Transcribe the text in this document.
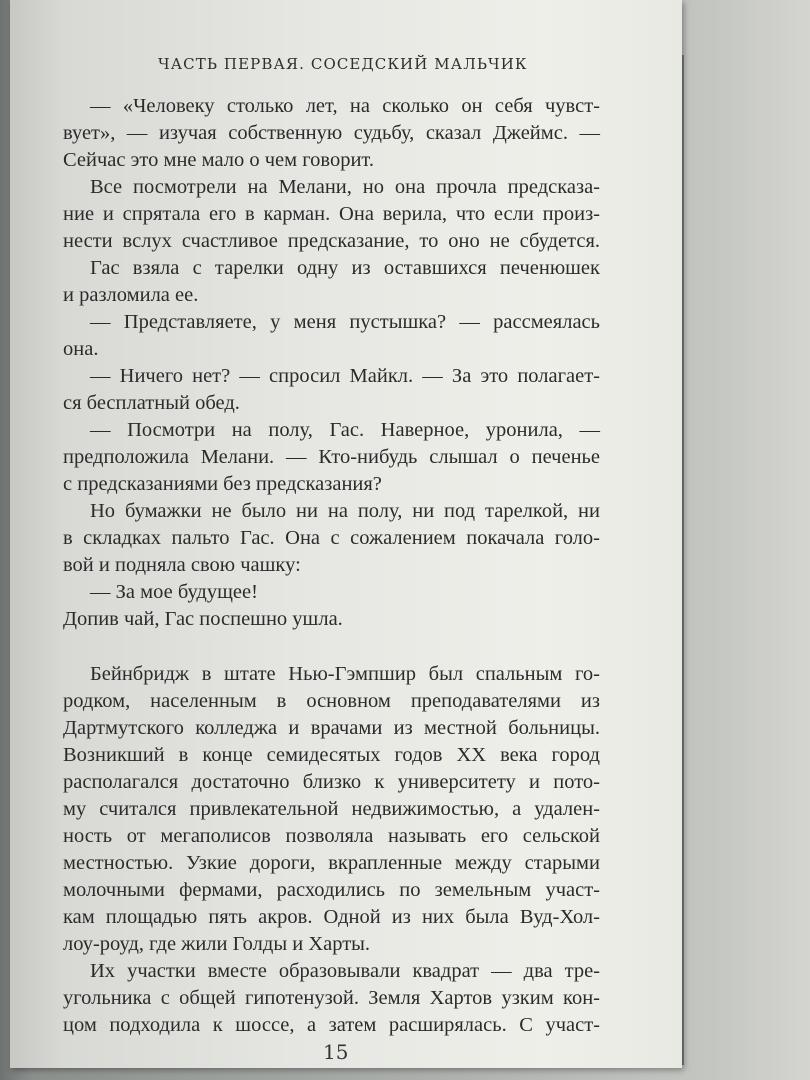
ЧАСТЬ ПЕРВАЯ. СОСЕДСКИЙ МАЛЬЧИК
— «Человеку столько лет, на сколько он себя чувст-
вует», — изучая собственную судьбу, сказал Джеймс. —
Сейчас это мне мало о чем говорит.
Все посмотрели на Мелани, но она прочла предсказа-
ние и спрятала его в карман. Она верила, что если произ-
нести вслух счастливое предсказание, то оно не сбудется.
Гас взяла с тарелки одну из оставшихся печенюшек
и разломила ее.
— Представляете, у меня пустышка? — рассмеялась
она.
— Ничего нет? — спросил Майкл. — За это полагает-
ся бесплатный обед.
— Посмотри на полу, Гас. Наверное, уронила, —
предположила Мелани. — Кто-нибудь слышал о печенье
с предсказаниями без предсказания?
Но бумажки не было ни на полу, ни под тарелкой, ни
в складках пальто Гас. Она с сожалением покачала голо-
вой и подняла свою чашку:
— За мое будущее!
Допив чай, Гас поспешно ушла.
Бейнбридж в штате Нью-Гэмпшир был спальным го-
родком, населенным в основном преподавателями из
Дартмутского колледжа и врачами из местной больницы.
Возникший в конце семидесятых годов XX века город
располагался достаточно близко к университету и пото-
му считался привлекательной недвижимостью, а удален-
ность от мегаполисов позволяла называть его сельской
местностью. Узкие дороги, вкрапленные между старыми
молочными фермами, расходились по земельным участ-
кам площадью пять акров. Одной из них была Вуд-Хол-
лоу-роуд, где жили Голды и Харты.
Их участки вместе образовывали квадрат — два тре-
угольника с общей гипотенузой. Земля Хартов узким кон-
цом подходила к шоссе, а затем расширялась. С участ-
15
